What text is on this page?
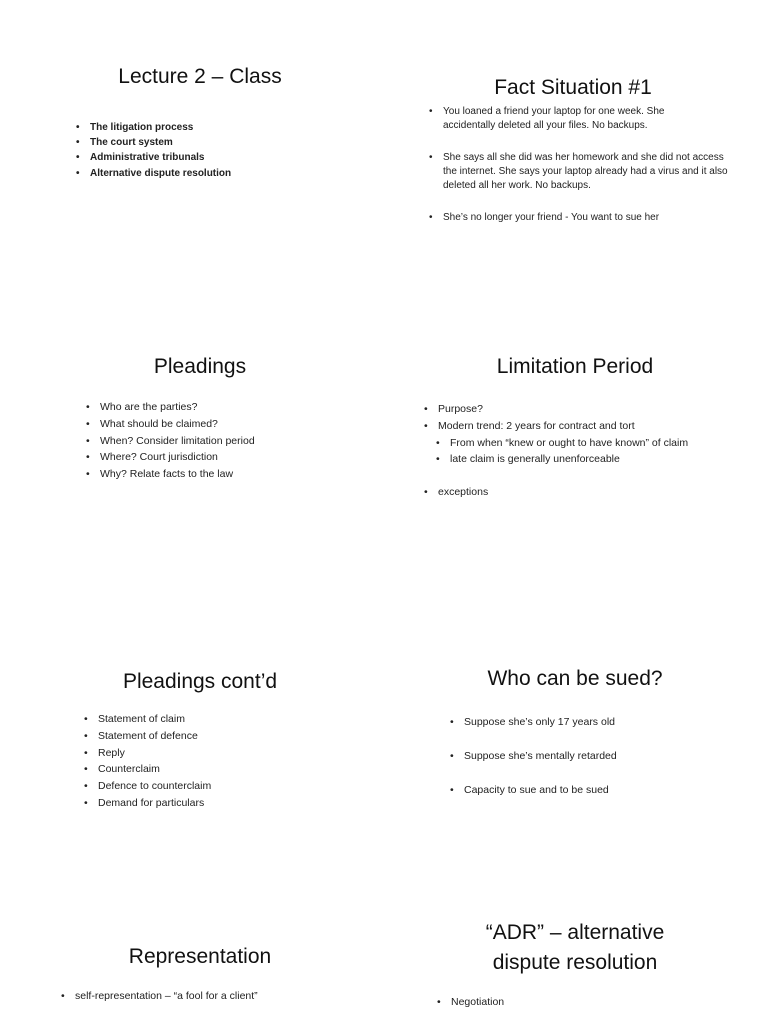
Lecture 2 – Class
• The litigation process
• The court system
• Administrative tribunals
• Alternative dispute resolution
Fact Situation #1
• You loaned a friend your laptop for one week. She accidentally deleted all your files. No backups.
• She says all she did was her homework and she did not access the internet. She says your laptop already had a virus and it also deleted all her work. No backups.
• She’s no longer your friend - You want to sue her
Pleadings
• Who are the parties?
• What should be claimed?
• When? Consider limitation period
• Where? Court jurisdiction
• Why? Relate facts to the law
Limitation Period
• Purpose?
• Modern trend: 2 years for contract and tort
• From when “knew or ought to have known” of claim
• late claim is generally unenforceable
• exceptions
Pleadings cont’d
• Statement of claim
• Statement of defence
• Reply
• Counterclaim
• Defence to counterclaim
• Demand for particulars
Who can be sued?
• Suppose she’s only 17 years old
• Suppose she’s mentally retarded
• Capacity to sue and to be sued
Representation
• self-representation – “a fool for a client”
“ADR” – alternative
dispute resolution
• Negotiation
